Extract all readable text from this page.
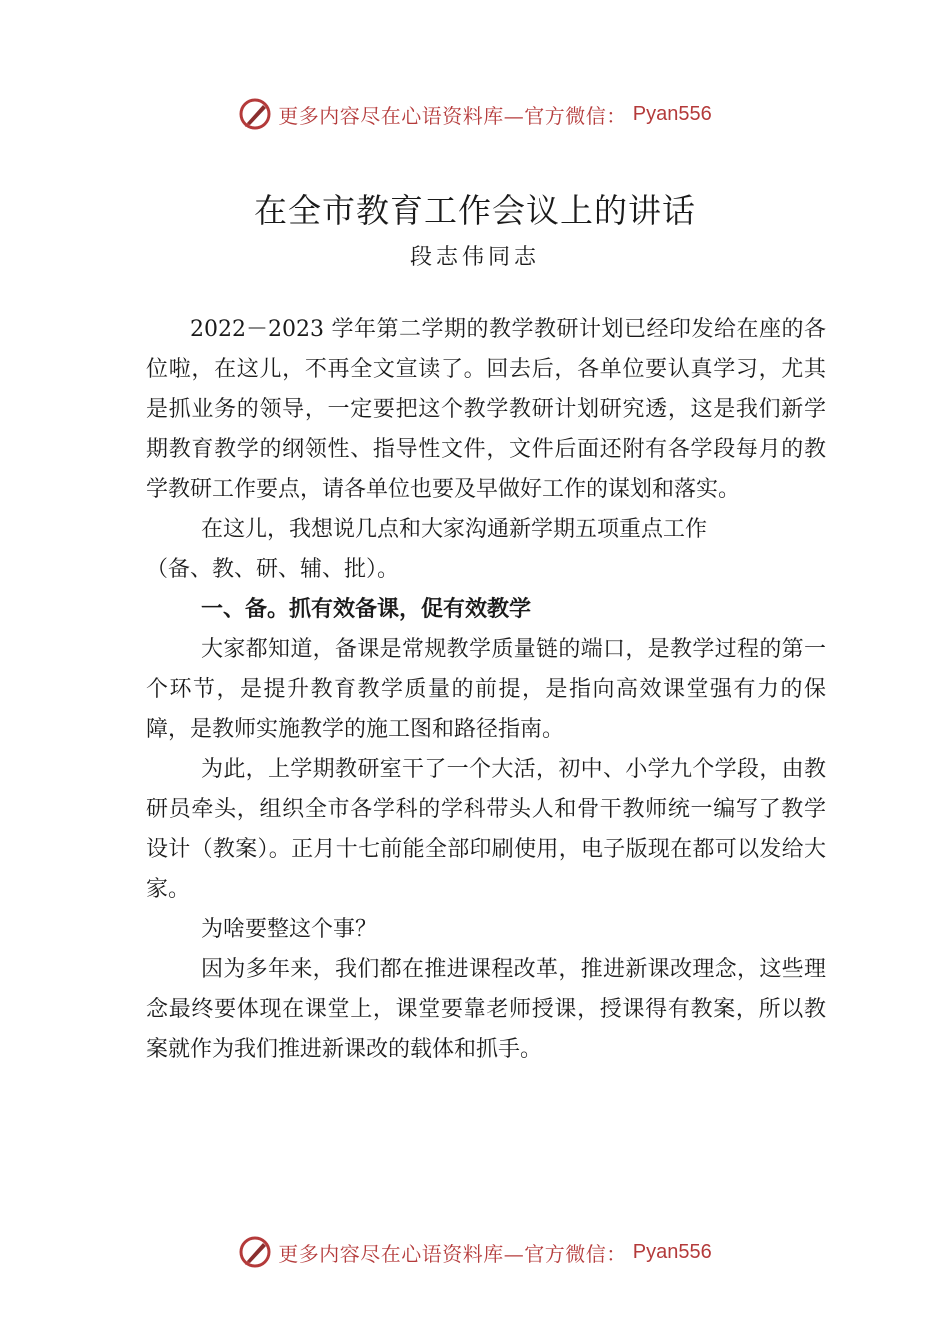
更多内容尽在心语资料库—官方微信： Pyan556
在全市教育工作会议上的讲话
段志伟同志

2022－2023 学年第二学期的教学教研计划已经印发给在座的各位啦，在这儿，不再全文宣读了。回去后，各单位要认真学习，尤其是抓业务的领导，一定要把这个教学教研计划研究透，这是我们新学期教育教学的纲领性、指导性文件，文件后面还附有各学段每月的教学教研工作要点，请各单位也要及早做好工作的谋划和落实。

在这儿，我想说几点和大家沟通新学期五项重点工作

（备、教、研、辅、批）。

一、备。抓有效备课，促有效教学

大家都知道，备课是常规教学质量链的端口，是教学过程的第一个环节，是提升教育教学质量的前提，是指向高效课堂强有力的保障，是教师实施教学的施工图和路径指南。

为此，上学期教研室干了一个大活，初中、小学九个学段，由教研员牵头，组织全市各学科的学科带头人和骨干教师统一编写了教学设计（教案）。正月十七前能全部印刷使用，电子版现在都可以发给大家。

为啥要整这个事？

因为多年来，我们都在推进课程改革，推进新课改理念，这些理念最终要体现在课堂上，课堂要靠老师授课，授课得有教案，所以教案就作为我们推进新课改的载体和抓手。

更多内容尽在心语资料库—官方微信： Pyan556
